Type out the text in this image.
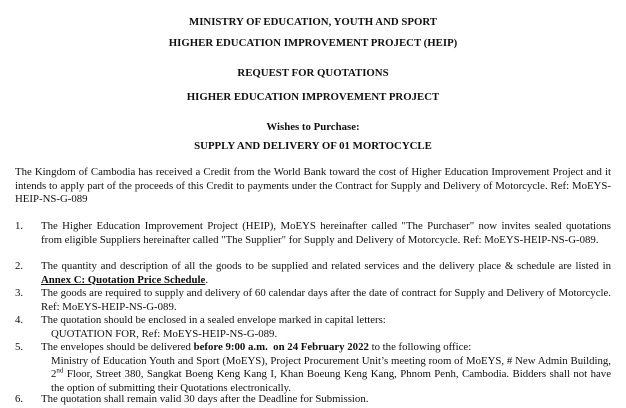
MINISTRY OF EDUCATION, YOUTH AND SPORT
HIGHER EDUCATION IMPROVEMENT PROJECT (HEIP)
REQUEST FOR QUOTATIONS
HIGHER EDUCATION IMPROVEMENT PROJECT
Wishes to Purchase:
SUPPLY AND DELIVERY OF 01 MORTOCYCLE
The Kingdom of Cambodia has received a Credit from the World Bank toward the cost of Higher Education Improvement Project and it intends to apply part of the proceeds of this Credit to payments under the Contract for Supply and Delivery of Motorcycle. Ref: MoEYS-HEIP-NS-G-089
1.	The Higher Education Improvement Project (HEIP), MoEYS hereinafter called "The Purchaser" now invites sealed quotations from eligible Suppliers hereinafter called "The Supplier" for Supply and Delivery of Motorcycle. Ref: MoEYS-HEIP-NS-G-089.
2.	The quantity and description of all the goods to be supplied and related services and the delivery place & schedule are listed in Annex C: Quotation Price Schedule.
3.	The goods are required to supply and delivery of 60 calendar days after the date of contract for Supply and Delivery of Motorcycle. Ref: MoEYS-HEIP-NS-G-089.
4.	The quotation should be enclosed in a sealed envelope marked in capital letters:
QUOTATION FOR, Ref: MoEYS-HEIP-NS-G-089.
5.	The envelopes should be delivered before 9:00 a.m.  on 24 February 2022 to the following office:
Ministry of Education Youth and Sport (MoEYS), Project Procurement Unit’s meeting room of MoEYS, # New Admin Building, 2nd Floor, Street 380, Sangkat Boeng Keng Kang I, Khan Boeung Keng Kang, Phnom Penh, Cambodia. Bidders shall not have the option of submitting their Quotations electronically.
6.	The quotation shall remain valid 30 days after the Deadline for Submission.
